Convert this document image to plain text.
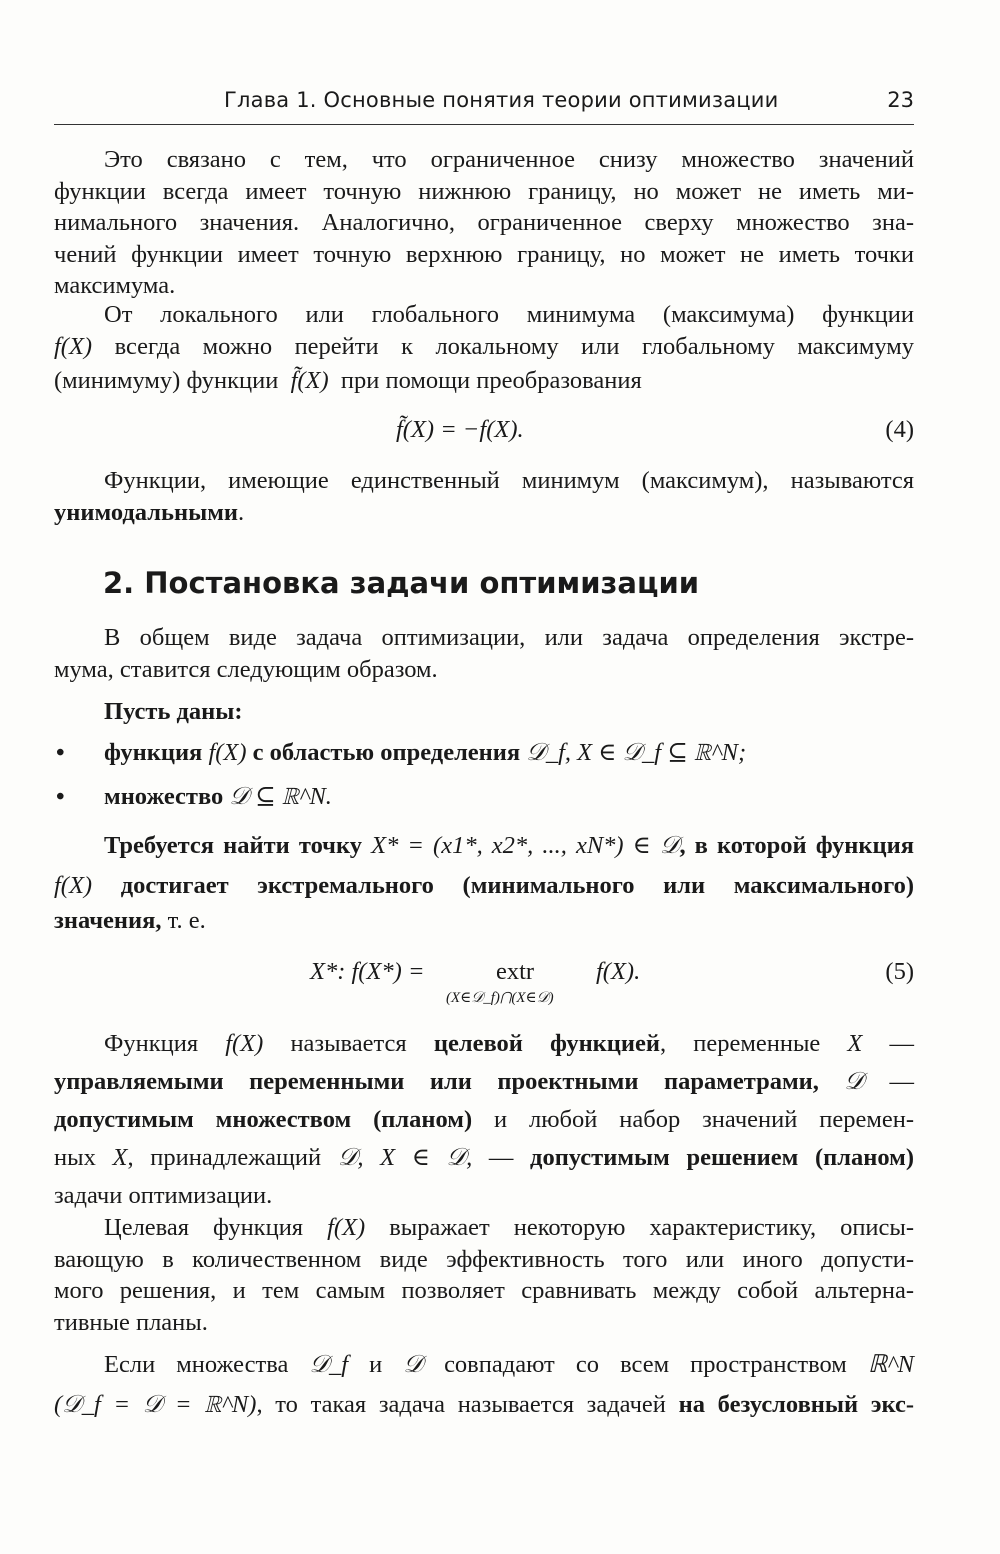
Глава 1. Основные понятия теории оптимизации	23
Это связано с тем, что ограниченное снизу множество значений
функции всегда имеет точную нижнюю границу, но может не иметь ми-
нимального значения. Аналогично, ограниченное сверху множество зна-
чений функции имеет точную верхнюю границу, но может не иметь точки
максимума.
От локального или глобального минимума (максимума) функции
f(X) всегда можно перейти к локальному или глобальному максимуму
(минимуму) функции f̃(X) при помощи преобразования
f̃(X) = −f(X).	(4)
Функции, имеющие единственный минимум (максимум), называются
унимодальными.
2. Постановка задачи оптимизации
В общем виде задача оптимизации, или задача определения экстре-
мума, ставится следующим образом.
Пусть даны:
• функция f(X) с областью определения 𝒟_f, X ∈ 𝒟_f ⊆ ℝ^N;
• множество 𝒟 ⊆ ℝ^N.
Требуется найти точку X* = (x1*, x2*, ..., xN*) ∈ 𝒟, в которой функция
f(X) достигает экстремального (минимального или максимального)
значения, т. е.
X*: f(X*) =	extr
(X∈𝒟_f)⋂(X∈𝒟)
f(X).	(5)
Функция f(X) называется целевой функцией, переменные X —
управляемыми переменными или проектными параметрами, 𝒟 —
допустимым множеством (планом) и любой набор значений перемен-
ных X, принадлежащий 𝒟, X ∈ 𝒟, — допустимым решением (планом)
задачи оптимизации.
Целевая функция f(X) выражает некоторую характеристику, описы-
вающую в количественном виде эффективность того или иного допусти-
мого решения, и тем самым позволяет сравнивать между собой альтерна-
тивные планы.
Если множества 𝒟_f и 𝒟 совпадают со всем пространством ℝ^N
(𝒟_f = 𝒟 = ℝ^N), то такая задача называется задачей на безусловный экс-
